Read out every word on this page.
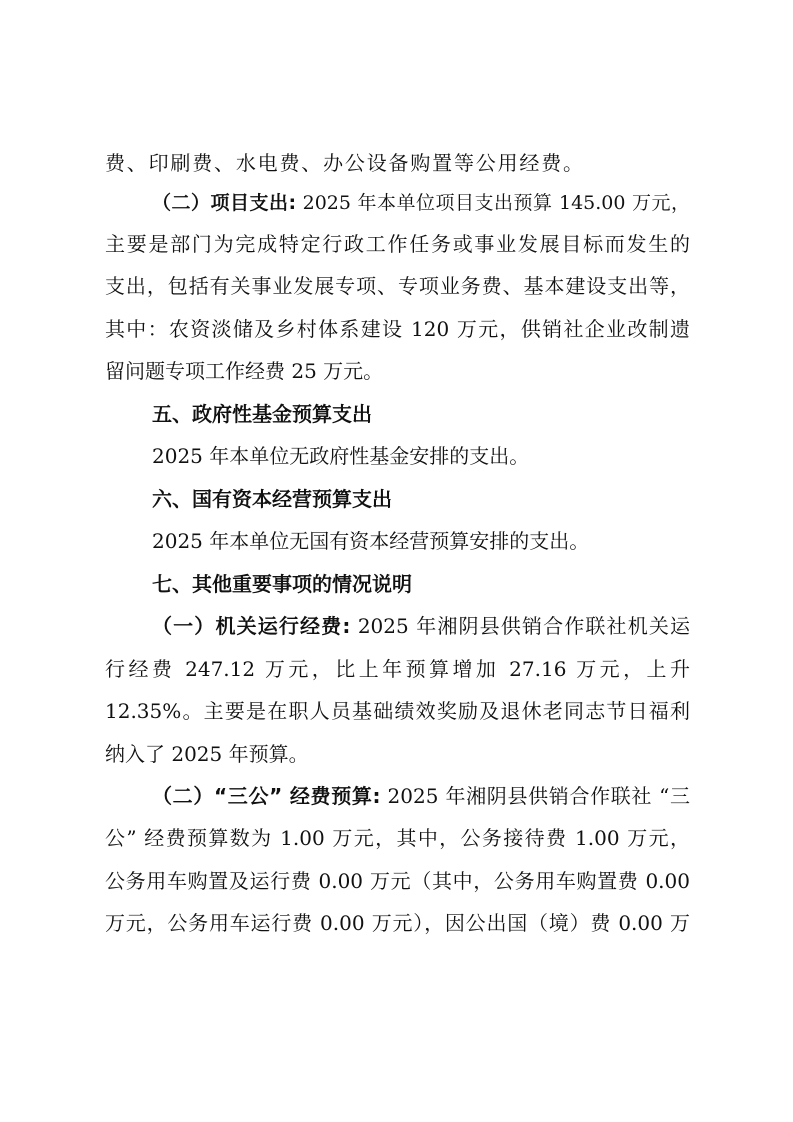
费、印刷费、水电费、办公设备购置等公用经费。
（二）项目支出: 2025 年本单位项目支出预算 145.00 万元，
主要是部门为完成特定行政工作任务或事业发展目标而发生的
支出，包括有关事业发展专项、专项业务费、基本建设支出等，
其中：农资淡储及乡村体系建设 120 万元，供销社企业改制遗
留问题专项工作经费 25 万元。
五、政府性基金预算支出
2025 年本单位无政府性基金安排的支出。
六、国有资本经营预算支出
2025 年本单位无国有资本经营预算安排的支出。
七、其他重要事项的情况说明
（一）机关运行经费: 2025 年湘阴县供销合作联社机关运
行经费 247.12 万元，比上年预算增加 27.16 万元，上升
12.35%。主要是在职人员基础绩效奖励及退休老同志节日福利
纳入了 2025 年预算。
（二）“三公” 经费预算: 2025 年湘阴县供销合作联社 “三
公” 经费预算数为 1.00 万元，其中，公务接待费 1.00 万元，
公务用车购置及运行费 0.00 万元（其中，公务用车购置费 0.00
万元，公务用车运行费 0.00 万元），因公出国（境）费 0.00 万
